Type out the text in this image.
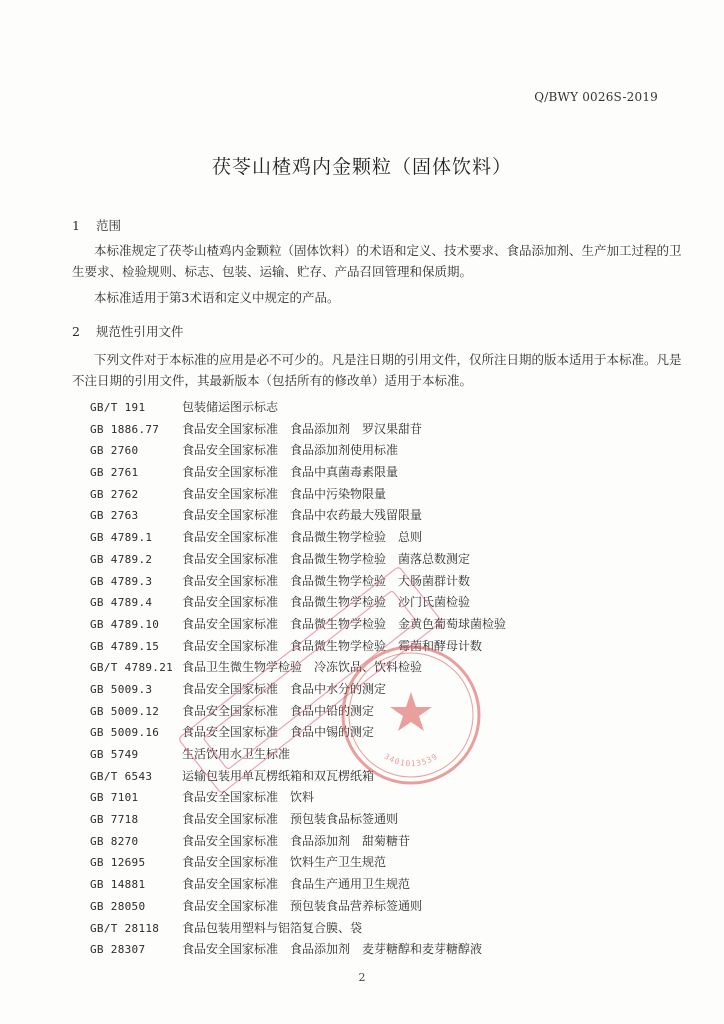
Q/BWY 0026S-2019
茯苓山楂鸡内金颗粒（固体饮料）
1 范围
本标准规定了茯苓山楂鸡内金颗粒（固体饮料）的术语和定义、技术要求、食品添加剂、生产加工过程的卫生要求、检验规则、标志、包装、运输、贮存、产品召回管理和保质期。
本标准适用于第3术语和定义中规定的产品。
2 规范性引用文件
下列文件对于本标准的应用是必不可少的。凡是注日期的引用文件，仅所注日期的版本适用于本标准。凡是不注日期的引用文件，其最新版本（包括所有的修改单）适用于本标准。
GB/T 191	包装储运图示标志
GB 1886.77 食品安全国家标准　食品添加剂　罗汉果甜苷
GB 2760	食品安全国家标准　食品添加剂使用标准
GB 2761	食品安全国家标准　食品中真菌毒素限量
GB 2762	食品安全国家标准　食品中污染物限量
GB 2763	食品安全国家标准　食品中农药最大残留限量
GB 4789.1 食品安全国家标准　食品微生物学检验　总则
GB 4789.2 食品安全国家标准　食品微生物学检验　菌落总数测定
GB 4789.3 食品安全国家标准　食品微生物学检验　大肠菌群计数
GB 4789.4 食品安全国家标准　食品微生物学检验　沙门氏菌检验
GB 4789.10 食品安全国家标准　食品微生物学检验　金黄色葡萄球菌检验
GB 4789.15 食品安全国家标准　食品微生物学检验　霉菌和酵母计数
GB/T 4789.21 食品卫生微生物学检验　冷冻饮品、饮料检验
GB 5009.3 食品安全国家标准　食品中水分的测定
GB 5009.12 食品安全国家标准　食品中铅的测定
GB 5009.16 食品安全国家标准　食品中锡的测定
GB 5749	生活饮用水卫生标准
GB/T 6543 运输包装用单瓦楞纸箱和双瓦楞纸箱
GB 7101	食品安全国家标准　饮料
GB 7718	食品安全国家标准　预包装食品标签通则
GB 8270	食品安全国家标准　食品添加剂　甜菊糖苷
GB 12695	食品安全国家标准　饮料生产卫生规范
GB 14881	食品安全国家标准　食品生产通用卫生规范
GB 28050	食品安全国家标准　预包装食品营养标签通则
GB/T 28118 食品包装用塑料与铝箔复合膜、袋
GB 28307	食品安全国家标准　食品添加剂　麦芽糖醇和麦芽糖醇液
3401013539
2
